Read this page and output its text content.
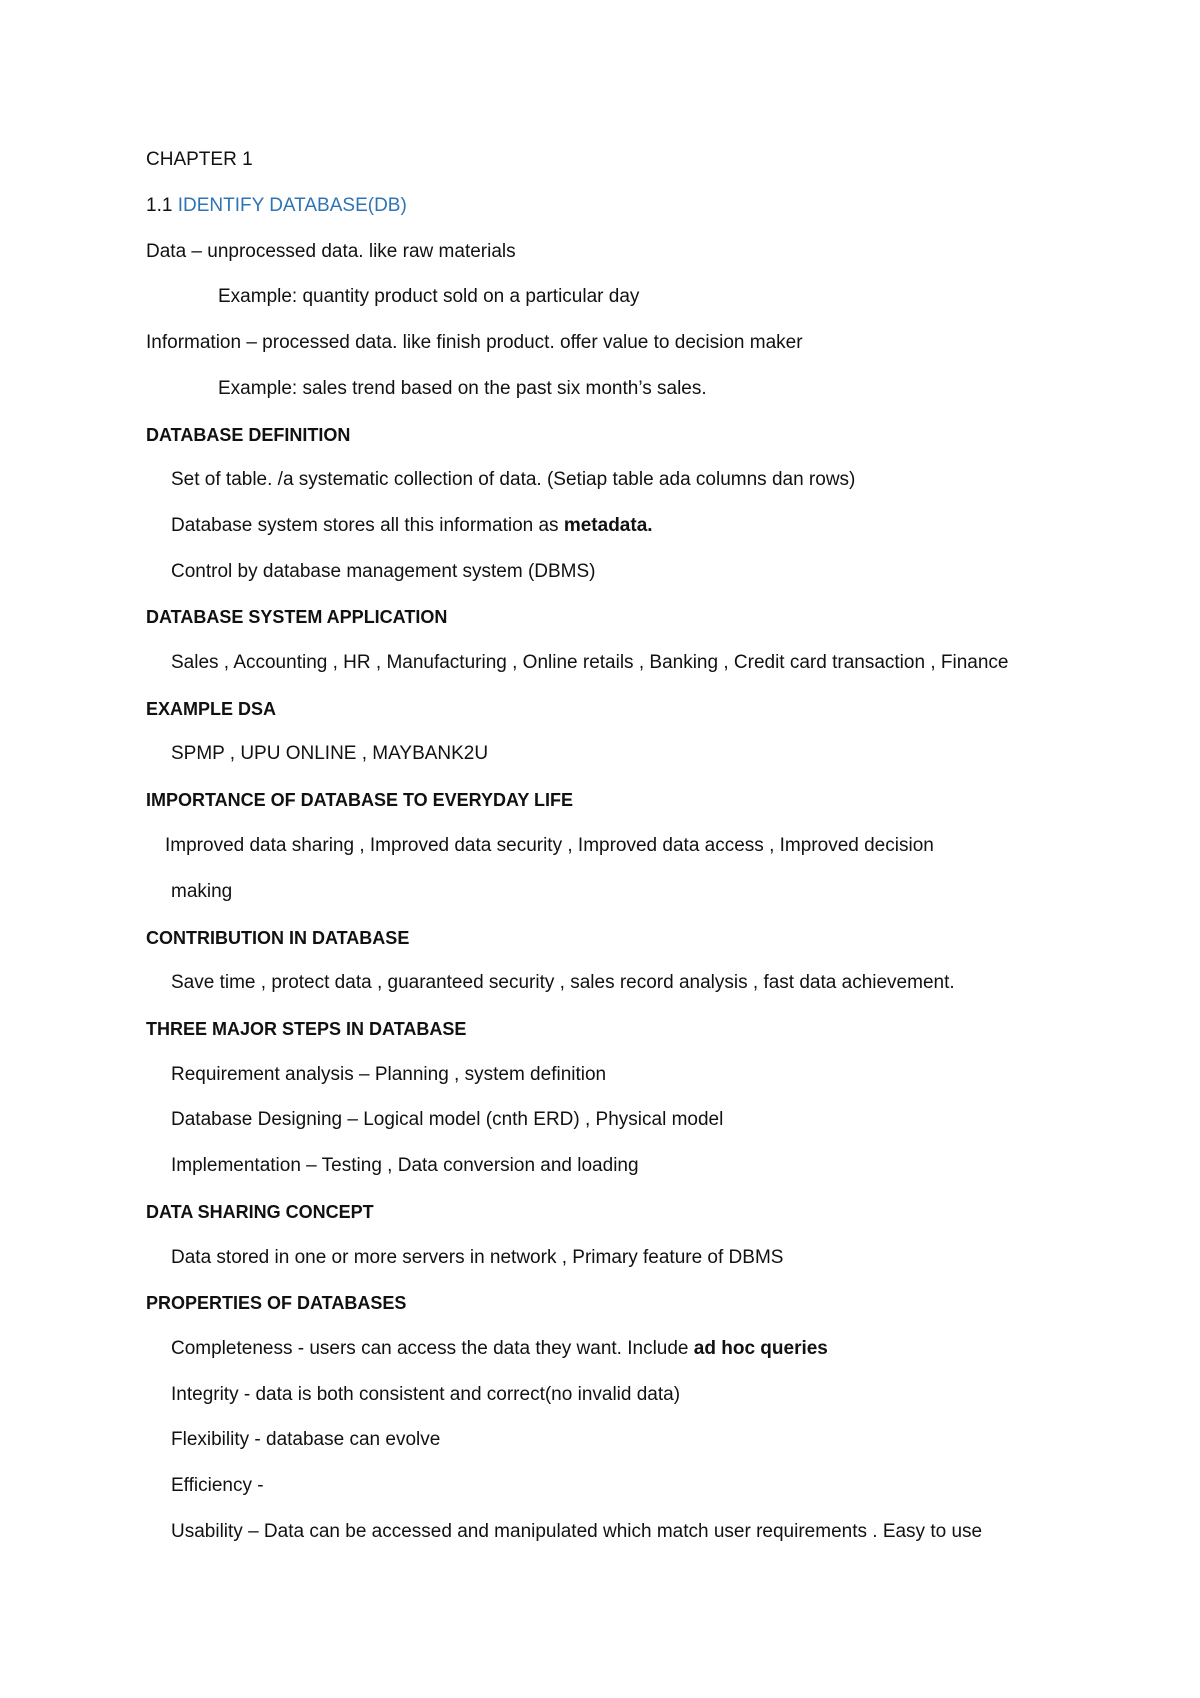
CHAPTER 1
1.1 IDENTIFY DATABASE(DB)
Data – unprocessed data. like raw materials
Example: quantity product sold on a particular day
Information – processed data. like finish product. offer value to decision maker
Example: sales trend based on the past six month’s sales.
DATABASE DEFINITION
Set of table. /a systematic collection of data. (Setiap table ada columns dan rows)
Database system stores all this information as metadata.
Control by database management system (DBMS)
DATABASE SYSTEM APPLICATION
Sales , Accounting , HR , Manufacturing , Online retails , Banking , Credit card transaction , Finance
EXAMPLE DSA
SPMP , UPU ONLINE , MAYBANK2U
IMPORTANCE OF DATABASE TO EVERYDAY LIFE
Improved data sharing , Improved data security , Improved data access , Improved decision
making
CONTRIBUTION IN DATABASE
Save time , protect data , guaranteed security , sales record analysis , fast data achievement.
THREE MAJOR STEPS IN DATABASE
Requirement analysis – Planning , system definition
Database Designing – Logical model (cnth ERD) , Physical model
Implementation – Testing , Data conversion and loading
DATA SHARING CONCEPT
Data stored in one or more servers in network , Primary feature of DBMS
PROPERTIES OF DATABASES
Completeness - users can access the data they want. Include ad hoc queries
Integrity - data is both consistent and correct(no invalid data)
Flexibility - database can evolve
Efficiency -
Usability – Data can be accessed and manipulated which match user requirements . Easy to use
